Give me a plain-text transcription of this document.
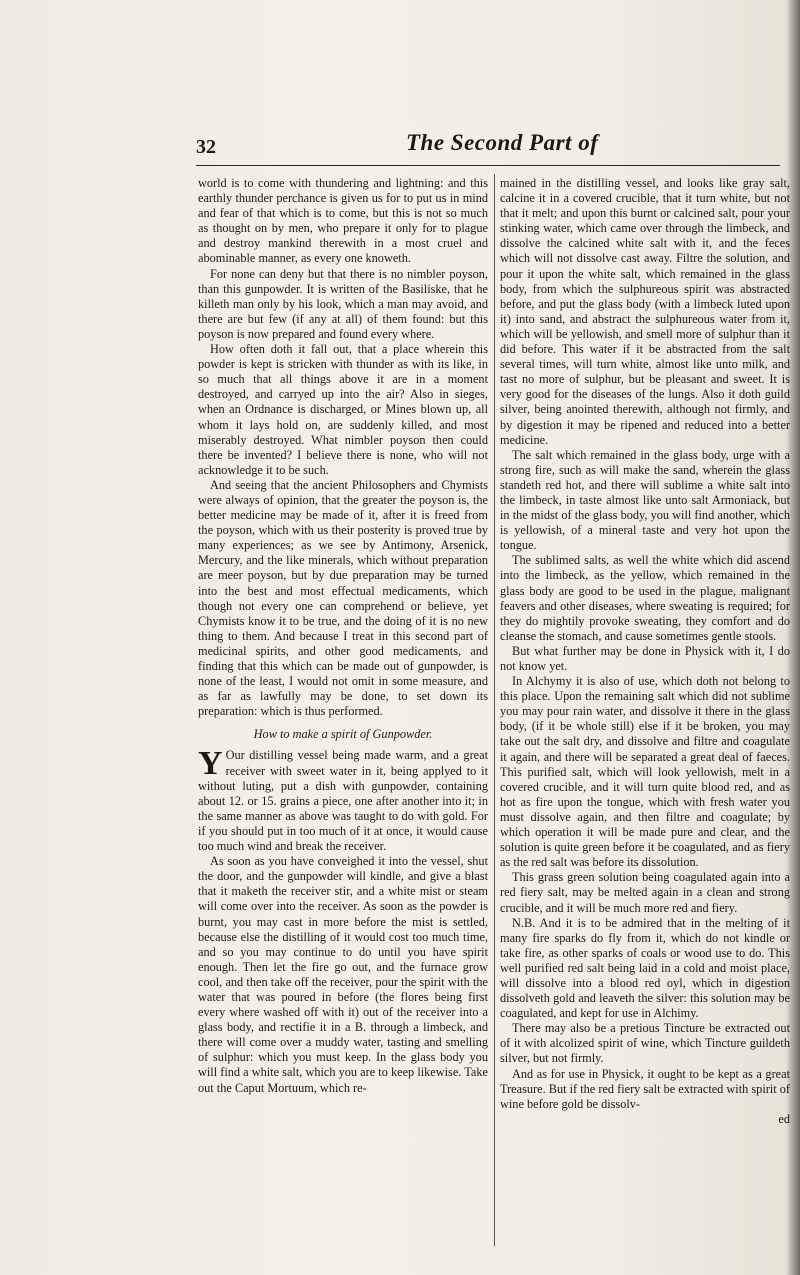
32	The Second Part of

world is to come with thundering and lightning: and this earthly thunder perchance is given us for to put us in mind and fear of that which is to come, but this is not so much as thought on by men, who prepare it only for to plague and destroy mankind therewith in a most cruel and abominable manner, as every one knoweth.

For none can deny but that there is no nimbler poyson, than this gunpowder. It is written of the Basiliske, that he killeth man only by his look, which a man may avoid, and there are but few (if any at all) of them found: but this poyson is now prepared and found every where.

How often doth it fall out, that a place wherein this powder is kept is stricken with thunder as with its like, in so much that all things above it are in a moment destroyed, and carryed up into the air? Also in sieges, when an Ordnance is discharged, or Mines blown up, all whom it lays hold on, are suddenly killed, and most miserably destroyed. What nimbler poyson then could there be invented? I believe there is none, who will not acknowledge it to be such.

And seeing that the ancient Philosophers and Chymists were always of opinion, that the greater the poyson is, the better medicine may be made of it, after it is freed from the poyson, which with us their posterity is proved true by many experiences; as we see by Antimony, Arsenick, Mercury, and the like minerals, which without preparation are meer poyson, but by due preparation may be turned into the best and most effectual medicaments, which though not every one can comprehend or believe, yet Chymists know it to be true, and the doing of it is no new thing to them. And because I treat in this second part of medicinal spirits, and other good medicaments, and finding that this which can be made out of gunpowder, is none of the least, I would not omit in some measure, and as far as lawfully may be done, to set down its preparation: which is thus performed.

How to make a spirit of Gunpowder.

Y Our distilling vessel being made warm, and a great receiver with sweet water in it, being applyed to it without luting, put a dish with gunpowder, containing about 12. or 15. grains a piece, one after another into it; in the same manner as above was taught to do with gold. For if you should put in too much of it at once, it would cause too much wind and break the receiver.

As soon as you have conveighed it into the vessel, shut the door, and the gunpowder will kindle, and give a blast that it maketh the receiver stir, and a white mist or steam will come over into the receiver. As soon as the powder is burnt, you may cast in more before the mist is settled, because else the distilling of it would cost too much time, and so you may continue to do until you have spirit enough. Then let the fire go out, and the furnace grow cool, and then take off the receiver, pour the spirit with the water that was poured in before (the flores being first every where washed off with it) out of the receiver into a glass body, and rectifie it in a B. through a limbeck, and there will come over a muddy water, tasting and smelling of sulphur: which you must keep. In the glass body you will find a white salt, which you are to keep likewise. Take out the Caput Mortuum, which re-

mained in the distilling vessel, and looks like gray salt, calcine it in a covered crucible, that it turn white, but not that it melt; and upon this burnt or calcined salt, pour your stinking water, which came over through the limbeck, and dissolve the calcined white salt with it, and the feces which will not dissolve cast away. Filtre the solution, and pour it upon the white salt, which remained in the glass body, from which the sulphureous spirit was abstracted before, and put the glass body (with a limbeck luted upon it) into sand, and abstract the sulphureous water from it, which will be yellowish, and smell more of sulphur than it did before. This water if it be abstracted from the salt several times, will turn white, almost like unto milk, and tast no more of sulphur, but be pleasant and sweet. It is very good for the diseases of the lungs. Also it doth guild silver, being anointed therewith, although not firmly, and by digestion it may be ripened and reduced into a better medicine.

The salt which remained in the glass body, urge with a strong fire, such as will make the sand, wherein the glass standeth red hot, and there will sublime a white salt into the limbeck, in taste almost like unto salt Armoniack, but in the midst of the glass body, you will find another, which is yellowish, of a mineral taste and very hot upon the tongue.

The sublimed salts, as well the white which did ascend into the limbeck, as the yellow, which remained in the glass body are good to be used in the plague, malignant feavers and other diseases, where sweating is required; for they do mightily provoke sweating, they comfort and do cleanse the stomach, and cause sometimes gentle stools.

But what further may be done in Physick with it, I do not know yet.

In Alchymy it is also of use, which doth not belong to this place. Upon the remaining salt which did not sublime you may pour rain water, and dissolve it there in the glass body, (if it be whole still) else if it be broken, you may take out the salt dry, and dissolve and filtre and coagulate it again, and there will be separated a great deal of faeces. This purified salt, which will look yellowish, melt in a covered crucible, and it will turn quite blood red, and as hot as fire upon the tongue, which with fresh water you must dissolve again, and then filtre and coagulate; by which operation it will be made pure and clear, and the solution is quite green before it be coagulated, and as fiery as the red salt was before its dissolution.

This grass green solution being coagulated again into a red fiery salt, may be melted again in a clean and strong crucible, and it will be much more red and fiery.

N.B. And it is to be admired that in the melting of it many fire sparks do fly from it, which do not kindle or take fire, as other sparks of coals or wood use to do. This well purified red salt being laid in a cold and moist place, will dissolve into a blood red oyl, which in digestion dissolveth gold and leaveth the silver: this solution may be coagulated, and kept for use in Alchimy.

There may also be a pretious Tincture be extracted out of it with alcolized spirit of wine, which Tincture guildeth silver, but not firmly.

And as for use in Physick, it ought to be kept as a great Treasure. But if the red fiery salt be extracted with spirit of wine before gold be dissolv-

ed
